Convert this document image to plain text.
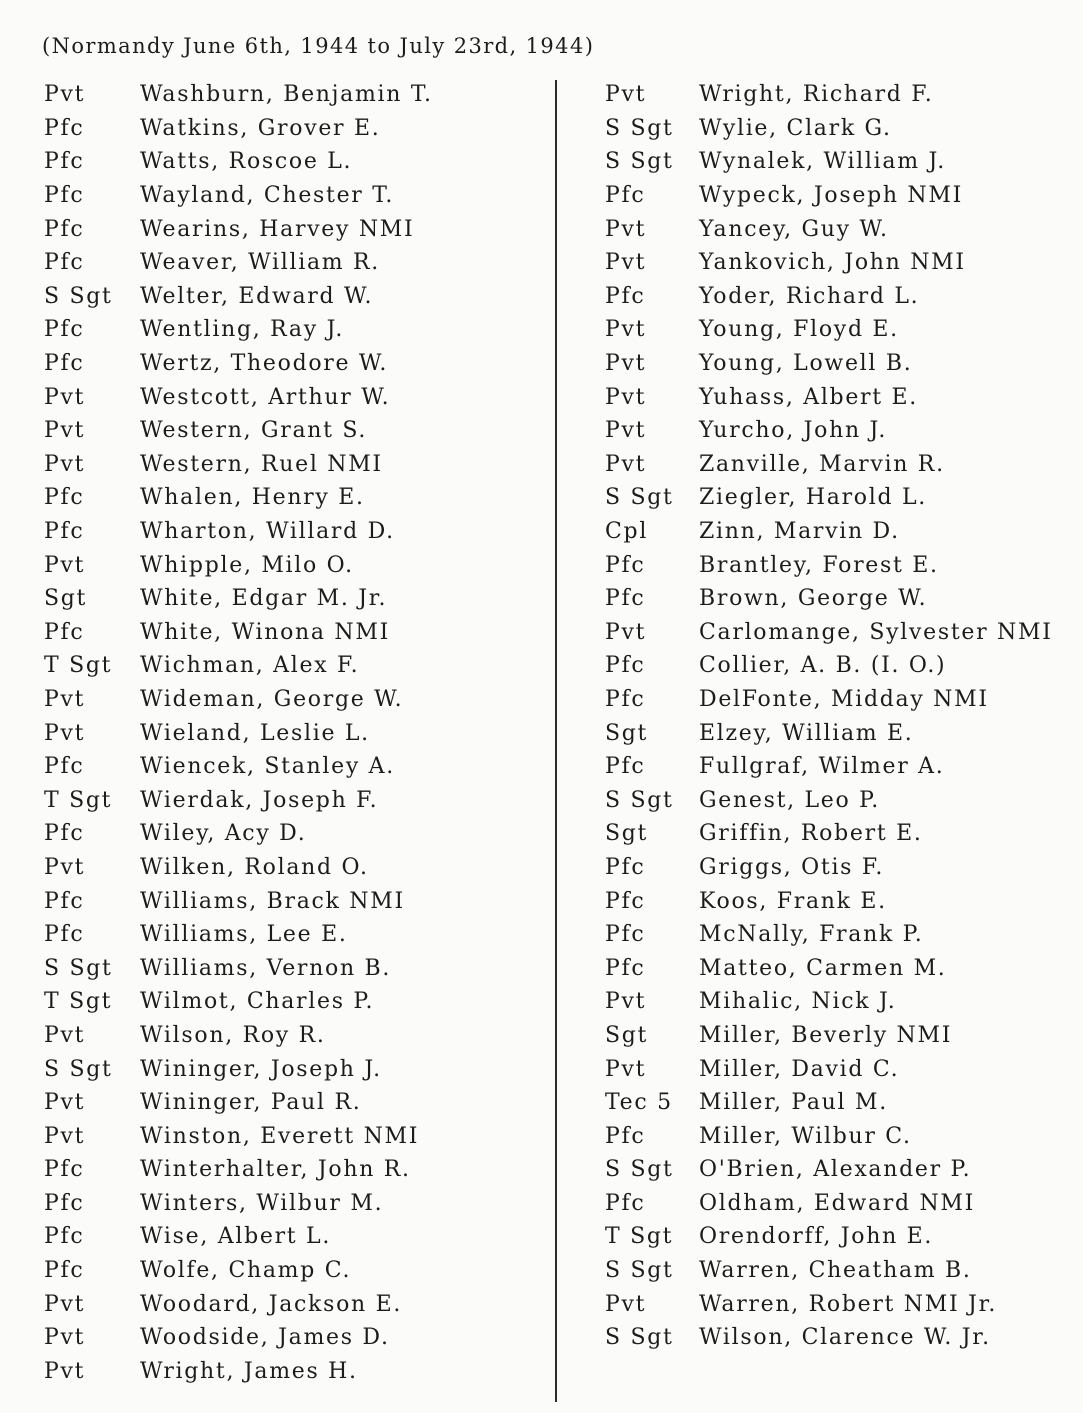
(Normandy June 6th, 1944 to July 23rd, 1944)
Pvt	Washburn, Benjamin T.
Pfc	Watkins, Grover E.
Pfc	Watts, Roscoe L.
Pfc	Wayland, Chester T.
Pfc	Wearins, Harvey NMI
Pfc	Weaver, William R.
S Sgt	Welter, Edward W.
Pfc	Wentling, Ray J.
Pfc	Wertz, Theodore W.
Pvt	Westcott, Arthur W.
Pvt	Western, Grant S.
Pvt	Western, Ruel NMI
Pfc	Whalen, Henry E.
Pfc	Wharton, Willard D.
Pvt	Whipple, Milo O.
Sgt	White, Edgar M. Jr.
Pfc	White, Winona NMI
T Sgt	Wichman, Alex F.
Pvt	Wideman, George W.
Pvt	Wieland, Leslie L.
Pfc	Wiencek, Stanley A.
T Sgt	Wierdak, Joseph F.
Pfc	Wiley, Acy D.
Pvt	Wilken, Roland O.
Pfc	Williams, Brack NMI
Pfc	Williams, Lee E.
S Sgt	Williams, Vernon B.
T Sgt	Wilmot, Charles P.
Pvt	Wilson, Roy R.
S Sgt	Wininger, Joseph J.
Pvt	Wininger, Paul R.
Pvt	Winston, Everett NMI
Pfc	Winterhalter, John R.
Pfc	Winters, Wilbur M.
Pfc	Wise, Albert L.
Pfc	Wolfe, Champ C.
Pvt	Woodard, Jackson E.
Pvt	Woodside, James D.
Pvt	Wright, James H.
Pvt	Wright, Richard F.
S Sgt	Wylie, Clark G.
S Sgt	Wynalek, William J.
Pfc	Wypeck, Joseph NMI
Pvt	Yancey, Guy W.
Pvt	Yankovich, John NMI
Pfc	Yoder, Richard L.
Pvt	Young, Floyd E.
Pvt	Young, Lowell B.
Pvt	Yuhass, Albert E.
Pvt	Yurcho, John J.
Pvt	Zanville, Marvin R.
S Sgt	Ziegler, Harold L.
Cpl	Zinn, Marvin D.
Pfc	Brantley, Forest E.
Pfc	Brown, George W.
Pvt	Carlomange, Sylvester NMI
Pfc	Collier, A. B. (I. O.)
Pfc	DelFonte, Midday NMI
Sgt	Elzey, William E.
Pfc	Fullgraf, Wilmer A.
S Sgt	Genest, Leo P.
Sgt	Griffin, Robert E.
Pfc	Griggs, Otis F.
Pfc	Koos, Frank E.
Pfc	McNally, Frank P.
Pfc	Matteo, Carmen M.
Pvt	Mihalic, Nick J.
Sgt	Miller, Beverly NMI
Pvt	Miller, David C.
Tec 5	Miller, Paul M.
Pfc	Miller, Wilbur C.
S Sgt	O'Brien, Alexander P.
Pfc	Oldham, Edward NMI
T Sgt	Orendorff, John E.
S Sgt	Warren, Cheatham B.
Pvt	Warren, Robert NMI Jr.
S Sgt	Wilson, Clarence W. Jr.
